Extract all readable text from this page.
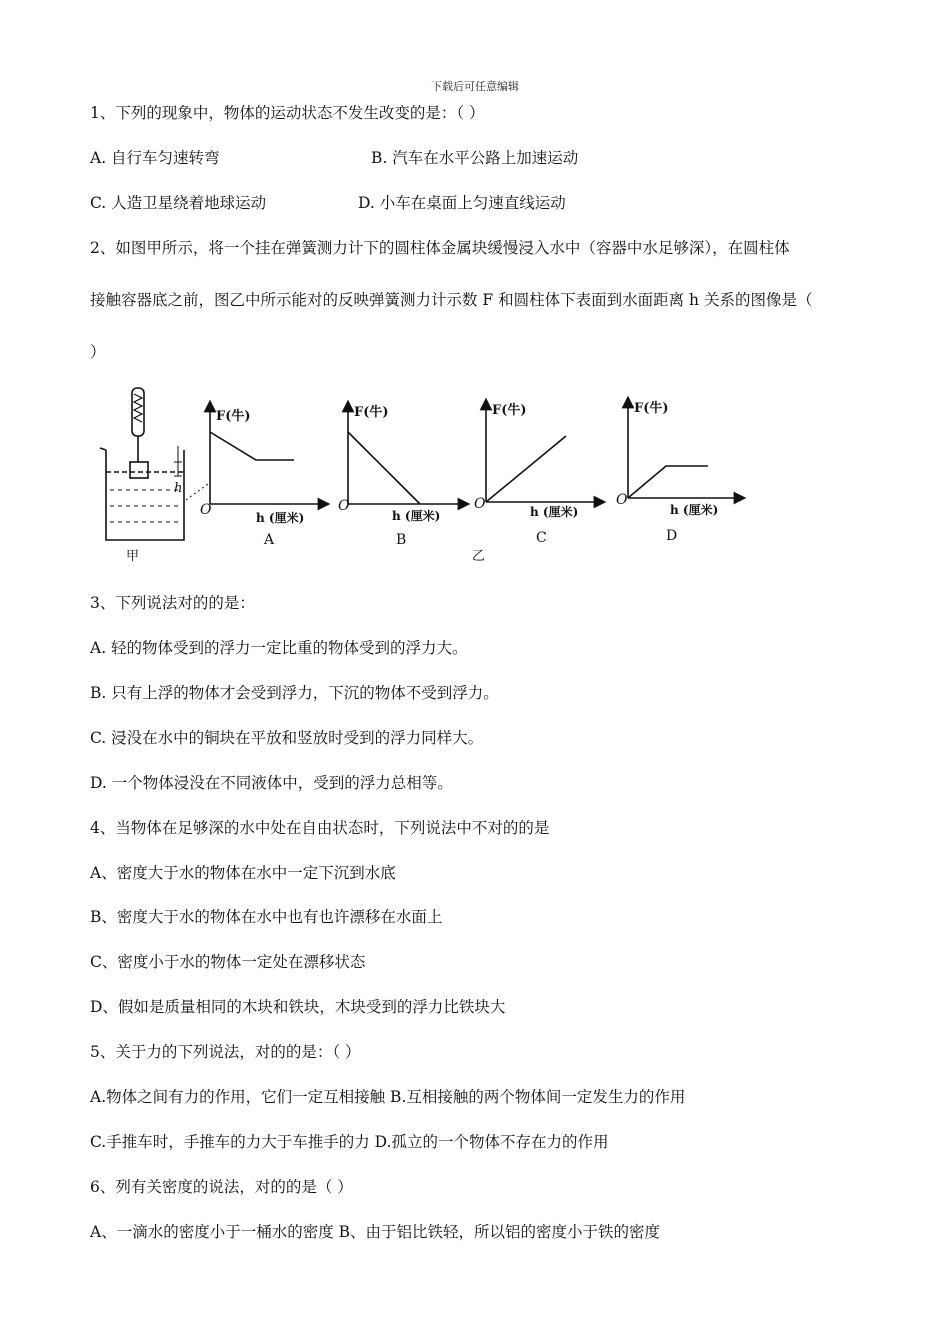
下载后可任意编辑
1、下列的现象中，物体的运动状态不发生改变的是：（ ）
A. 自行车匀速转弯	B. 汽车在水平公路上加速运动
C. 人造卫星绕着地球运动	D. 小车在桌面上匀速直线运动
2、如图甲所示，将一个挂在弹簧测力计下的圆柱体金属块缓慢浸入水中（容器中水足够深），在圆柱体
接触容器底之前，图乙中所示能对的反映弹簧测力计示数 F 和圆柱体下表面到水面距离 h 关系的图像是（
）
h
甲
F(牛)
O	h (厘米)
A
F(牛)
O
h (厘米)
B
F(牛)
O	h (厘米)
C
乙
F(牛)
O
h (厘米)
D
3、下列说法对的的是：
A. 轻的物体受到的浮力一定比重的物体受到的浮力大。
B. 只有上浮的物体才会受到浮力，下沉的物体不受到浮力。
C. 浸没在水中的铜块在平放和竖放时受到的浮力同样大。
D. 一个物体浸没在不同液体中，受到的浮力总相等。
4、当物体在足够深的水中处在自由状态时，下列说法中不对的的是
A、密度大于水的物体在水中一定下沉到水底
B、密度大于水的物体在水中也有也许漂移在水面上
C、密度小于水的物体一定处在漂移状态
D、假如是质量相同的木块和铁块，木块受到的浮力比铁块大
5、关于力的下列说法，对的的是：（ ）
A.物体之间有力的作用，它们一定互相接触 B.互相接触的两个物体间一定发生力的作用
C.手推车时，手推车的力大于车推手的力 D.孤立的一个物体不存在力的作用
6、列有关密度的说法，对的的是（ ）
A、一滴水的密度小于一桶水的密度 B、由于铝比铁轻，所以铝的密度小于铁的密度
